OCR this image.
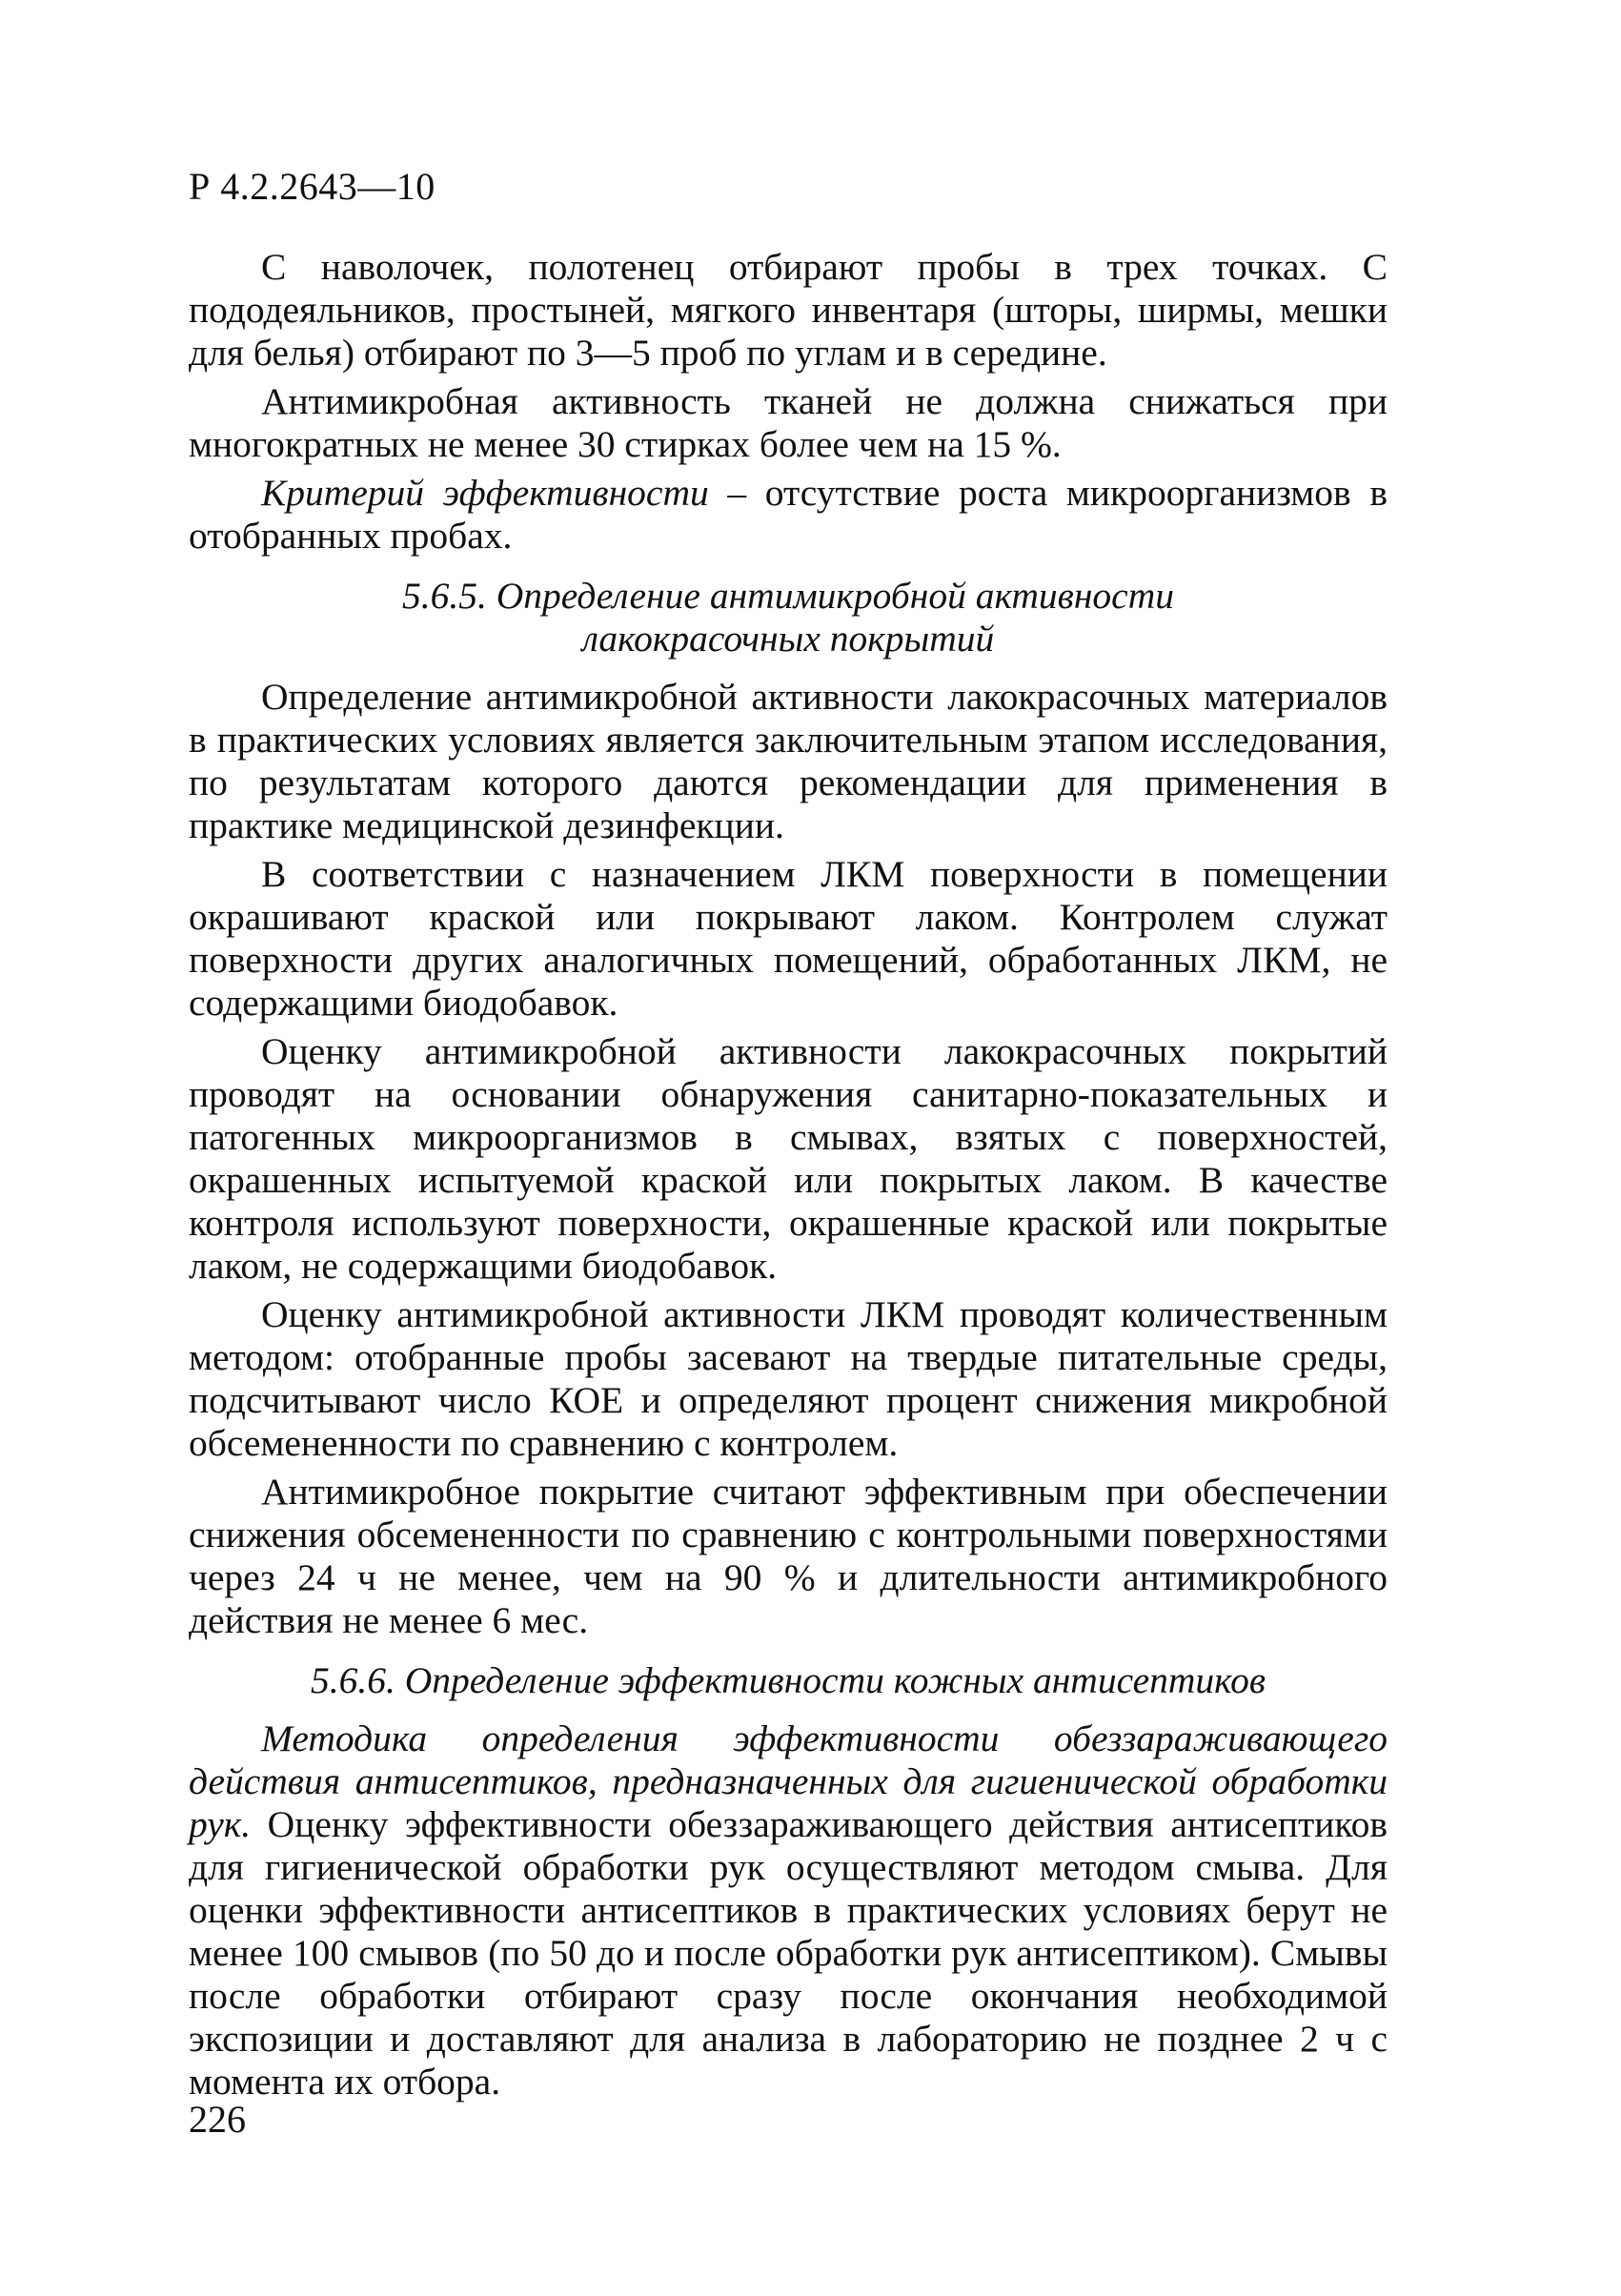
Р 4.2.2643—10

С наволочек, полотенец отбирают пробы в трех точках. С пододеяльников, простыней, мягкого инвентаря (шторы, ширмы, мешки для белья) отбирают по 3—5 проб по углам и в середине.

Антимикробная активность тканей не должна снижаться при многократных не менее 30 стирках более чем на 15 %.

Критерий эффективности – отсутствие роста микроорганизмов в отобранных пробах.

5.6.5. Определение антимикробной активности
лакокрасочных покрытий

Определение антимикробной активности лакокрасочных материалов в практических условиях является заключительным этапом исследования, по результатам которого даются рекомендации для применения в практике медицинской дезинфекции.

В соответствии с назначением ЛКМ поверхности в помещении окрашивают краской или покрывают лаком. Контролем служат поверхности других аналогичных помещений, обработанных ЛКМ, не содержащими биодобавок.

Оценку антимикробной активности лакокрасочных покрытий проводят на основании обнаружения санитарно-показательных и патогенных микроорганизмов в смывах, взятых с поверхностей, окрашенных испытуемой краской или покрытых лаком. В качестве контроля используют поверхности, окрашенные краской или покрытые лаком, не содержащими биодобавок.

Оценку антимикробной активности ЛКМ проводят количественным методом: отобранные пробы засевают на твердые питательные среды, подсчитывают число КОЕ и определяют процент снижения микробной обсемененности по сравнению с контролем.

Антимикробное покрытие считают эффективным при обеспечении снижения обсемененности по сравнению с контрольными поверхностями через 24 ч не менее, чем на 90 % и длительности антимикробного действия не менее 6 мес.

5.6.6. Определение эффективности кожных антисептиков

Методика определения эффективности обеззараживающего действия антисептиков, предназначенных для гигиенической обработки рук. Оценку эффективности обеззараживающего действия антисептиков для гигиенической обработки рук осуществляют методом смыва. Для оценки эффективности антисептиков в практических условиях берут не менее 100 смывов (по 50 до и после обработки рук антисептиком). Смывы после обработки отбирают сразу после окончания необходимой экспозиции и доставляют для анализа в лабораторию не позднее 2 ч с момента их отбора.

226
